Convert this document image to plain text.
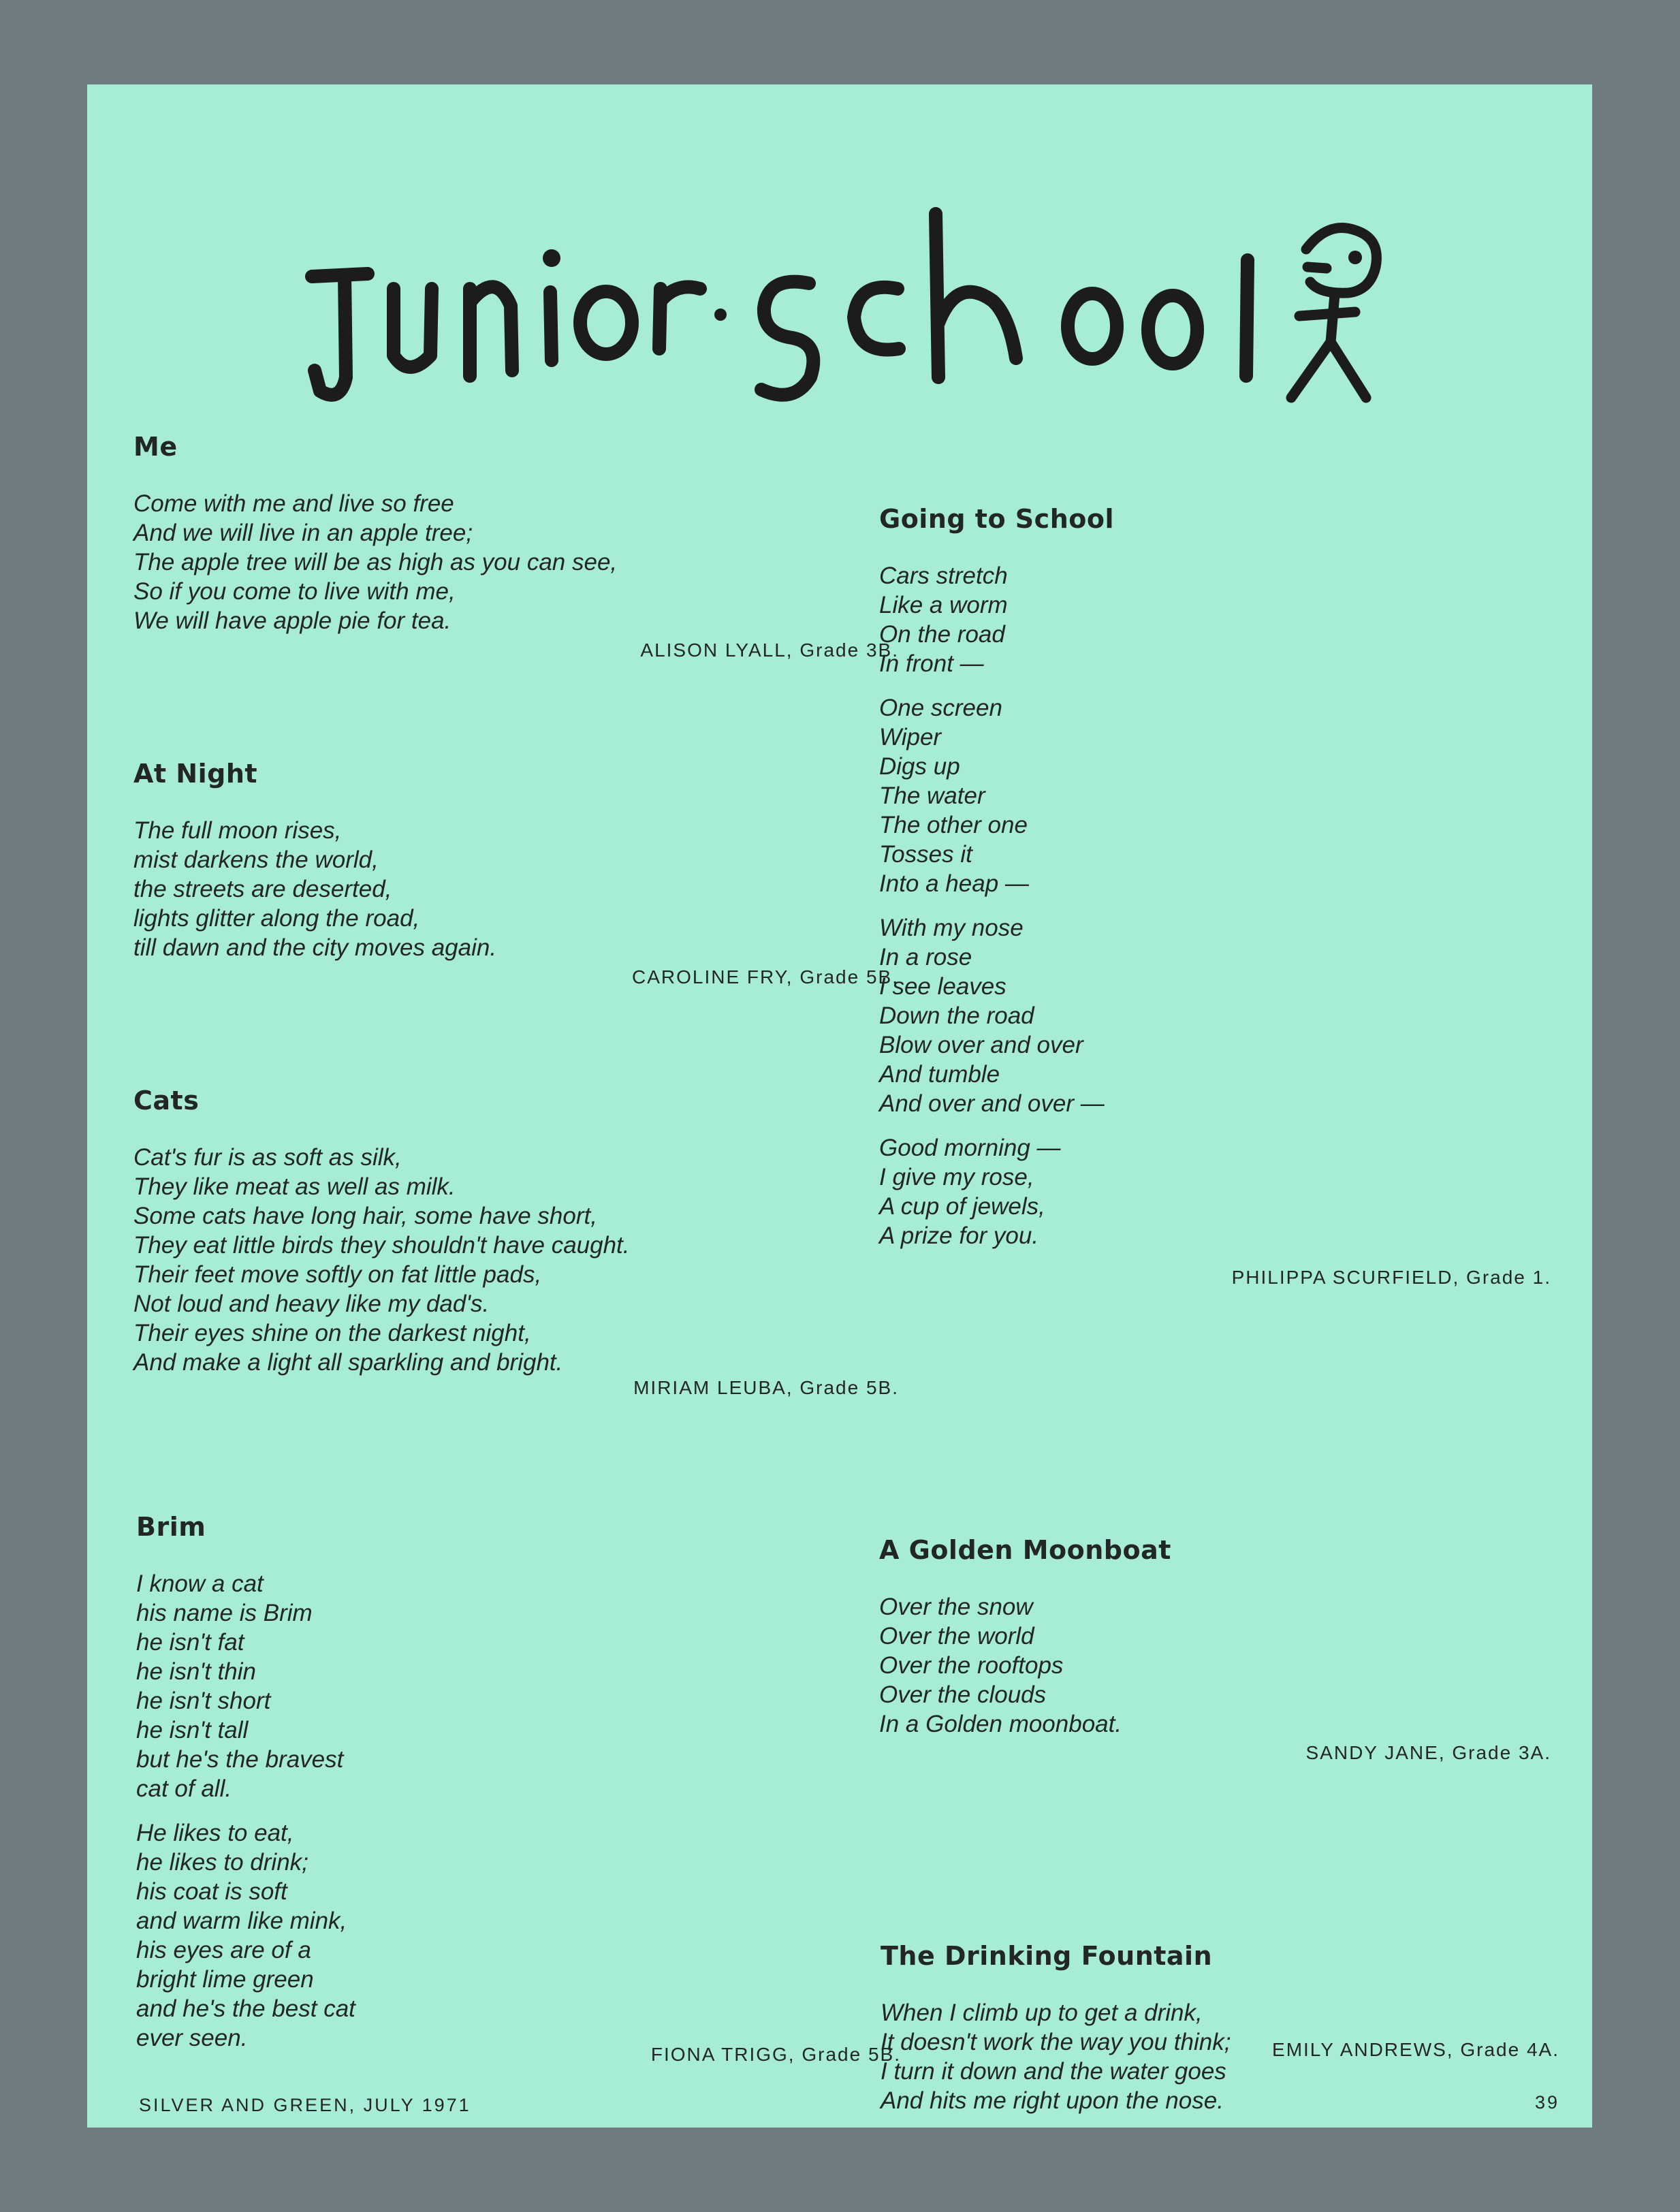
Me
Come with me and live so free
And we will live in an apple tree;
The apple tree will be as high as you can see,
So if you come to live with me,
We will have apple pie for tea.
ALISON LYALL, Grade 3B.
At Night
The full moon rises,
mist darkens the world,
the streets are deserted,
lights glitter along the road,
till dawn and the city moves again.
CAROLINE FRY, Grade 5B.
Cats
Cat's fur is as soft as silk,
They like meat as well as milk.
Some cats have long hair, some have short,
They eat little birds they shouldn't have caught.
Their feet move softly on fat little pads,
Not loud and heavy like my dad's.
Their eyes shine on the darkest night,
And make a light all sparkling and bright.
MIRIAM LEUBA, Grade 5B.
Brim
I know a cat
his name is Brim
he isn't fat
he isn't thin
he isn't short
he isn't tall
but he's the bravest
cat of all.
He likes to eat,
he likes to drink;
his coat is soft
and warm like mink,
his eyes are of a
bright lime green
and he's the best cat
ever seen.
FIONA TRIGG, Grade 5B.
Going to School
Cars stretch
Like a worm
On the road
In front —
One screen
Wiper
Digs up
The water
The other one
Tosses it
Into a heap —
With my nose
In a rose
I see leaves
Down the road
Blow over and over
And tumble
And over and over —
Good morning —
I give my rose,
A cup of jewels,
A prize for you.
PHILIPPA SCURFIELD, Grade 1.
A Golden Moonboat
Over the snow
Over the world
Over the rooftops
Over the clouds
In a Golden moonboat.
SANDY JANE, Grade 3A.
The Drinking Fountain
When I climb up to get a drink,
It doesn't work the way you think;
I turn it down and the water goes
And hits me right upon the nose.
EMILY ANDREWS, Grade 4A.
SILVER AND GREEN, JULY 1971	39
